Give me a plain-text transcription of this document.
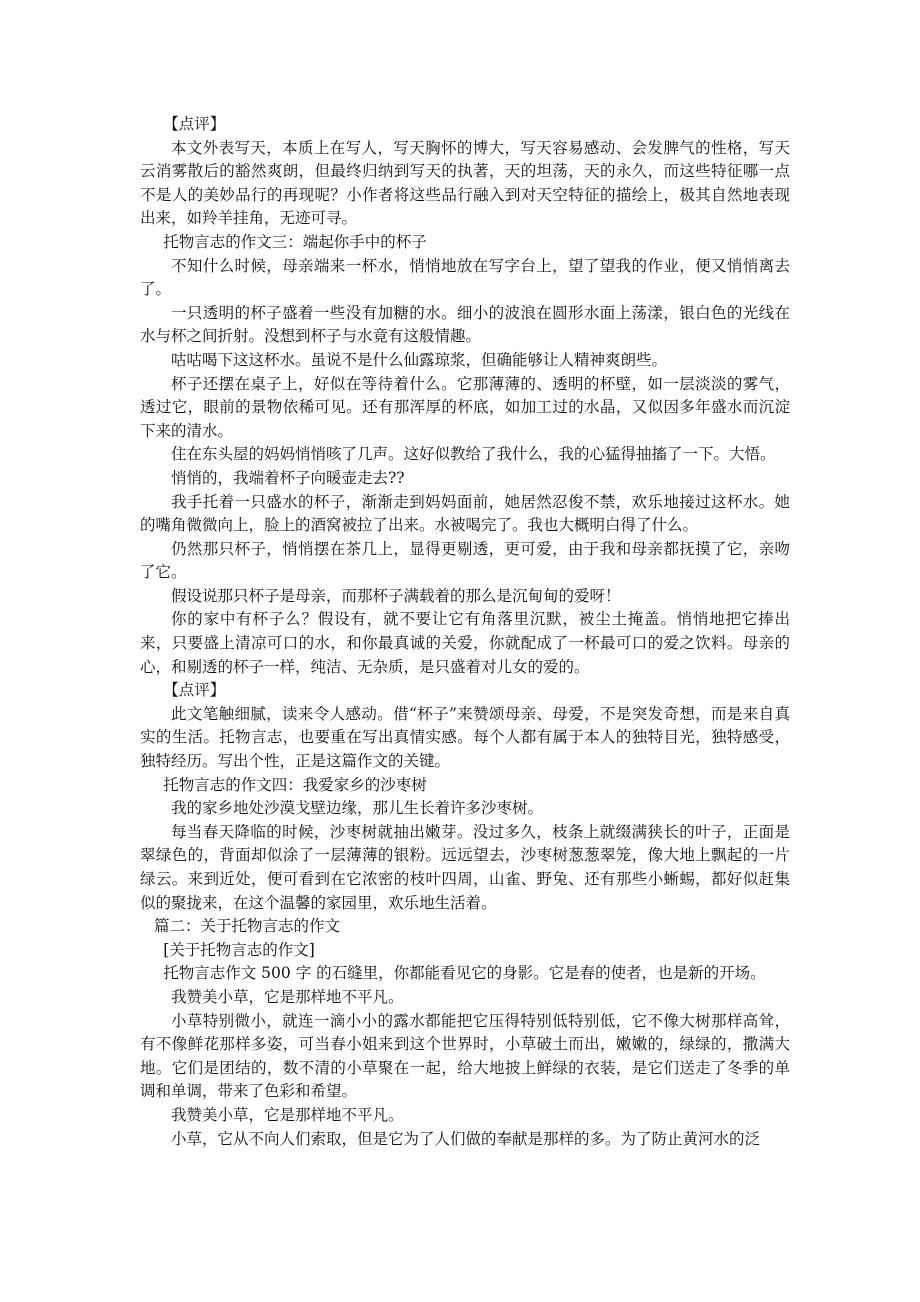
【点评】

本文外表写天，本质上在写人，写天胸怀的博大，写天容易感动、会发脾气的性格，写天云消雾散后的豁然爽朗，但最终归纳到写天的执著，天的坦荡，天的永久，而这些特征哪一点不是人的美妙品行的再现呢？小作者将这些品行融入到对天空特征的描绘上，极其自然地表现出来，如羚羊挂角，无迹可寻。

托物言志的作文三：端起你手中的杯子

不知什么时候，母亲端来一杯水，悄悄地放在写字台上，望了望我的作业，便又悄悄离去了。

一只透明的杯子盛着一些没有加糖的水。细小的波浪在圆形水面上荡漾，银白色的光线在水与杯之间折射。没想到杯子与水竟有这般情趣。

咕咕喝下这这杯水。虽说不是什么仙露琼浆，但确能够让人精神爽朗些。

杯子还摆在桌子上，好似在等待着什么。它那薄薄的、透明的杯壁，如一层淡淡的雾气，透过它，眼前的景物依稀可见。还有那浑厚的杯底，如加工过的水晶，又似因多年盛水而沉淀下来的清水。

住在东头屋的妈妈悄悄咳了几声。这好似教给了我什么，我的心猛得抽搐了一下。大悟。

悄悄的，我端着杯子向暖壶走去??

我手托着一只盛水的杯子，渐渐走到妈妈面前，她居然忍俊不禁，欢乐地接过这杯水。她的嘴角微微向上，脸上的酒窝被拉了出来。水被喝完了。我也大概明白得了什么。

仍然那只杯子，悄悄摆在茶几上，显得更剔透，更可爱，由于我和母亲都抚摸了它，亲吻了它。

假设说那只杯子是母亲，而那杯子满载着的那么是沉甸甸的爱呀！

你的家中有杯子么？假设有，就不要让它有角落里沉默，被尘土掩盖。悄悄地把它捧出来，只要盛上清凉可口的水，和你最真诚的关爱，你就配成了一杯最可口的爱之饮料。母亲的心，和剔透的杯子一样，纯洁、无杂质，是只盛着对儿女的爱的。

【点评】

此文笔触细腻，读来令人感动。借“杯子”来赞颂母亲、母爱，不是突发奇想，而是来自真实的生活。托物言志，也要重在写出真情实感。每个人都有属于本人的独特目光，独特感受，独特经历。写出个性，正是这篇作文的关键。

托物言志的作文四：我爱家乡的沙枣树

我的家乡地处沙漠戈壁边缘，那儿生长着许多沙枣树。

每当春天降临的时候，沙枣树就抽出嫩芽。没过多久，枝条上就缀满狭长的叶子，正面是翠绿色的，背面却似涂了一层薄薄的银粉。远远望去，沙枣树葱葱翠笼，像大地上飘起的一片绿云。来到近处，便可看到在它浓密的枝叶四周，山雀、野兔、还有那些小蜥蜴，都好似赶集似的聚拢来，在这个温馨的家园里，欢乐地生活着。

篇二：关于托物言志的作文

[关于托物言志的作文]

托物言志作文 500 字 的石缝里，你都能看见它的身影。它是春的使者，也是新的开场。

我赞美小草，它是那样地不平凡。

小草特别微小，就连一滴小小的露水都能把它压得特别低特别低，它不像大树那样高耸，有不像鲜花那样多姿，可当春小姐来到这个世界时，小草破土而出，嫩嫩的，绿绿的，撒满大地。它们是团结的，数不清的小草聚在一起，给大地披上鲜绿的衣装，是它们送走了冬季的单调和单调，带来了色彩和希望。

我赞美小草，它是那样地不平凡。

小草，它从不向人们索取，但是它为了人们做的奉献是那样的多。为了防止黄河水的泛
